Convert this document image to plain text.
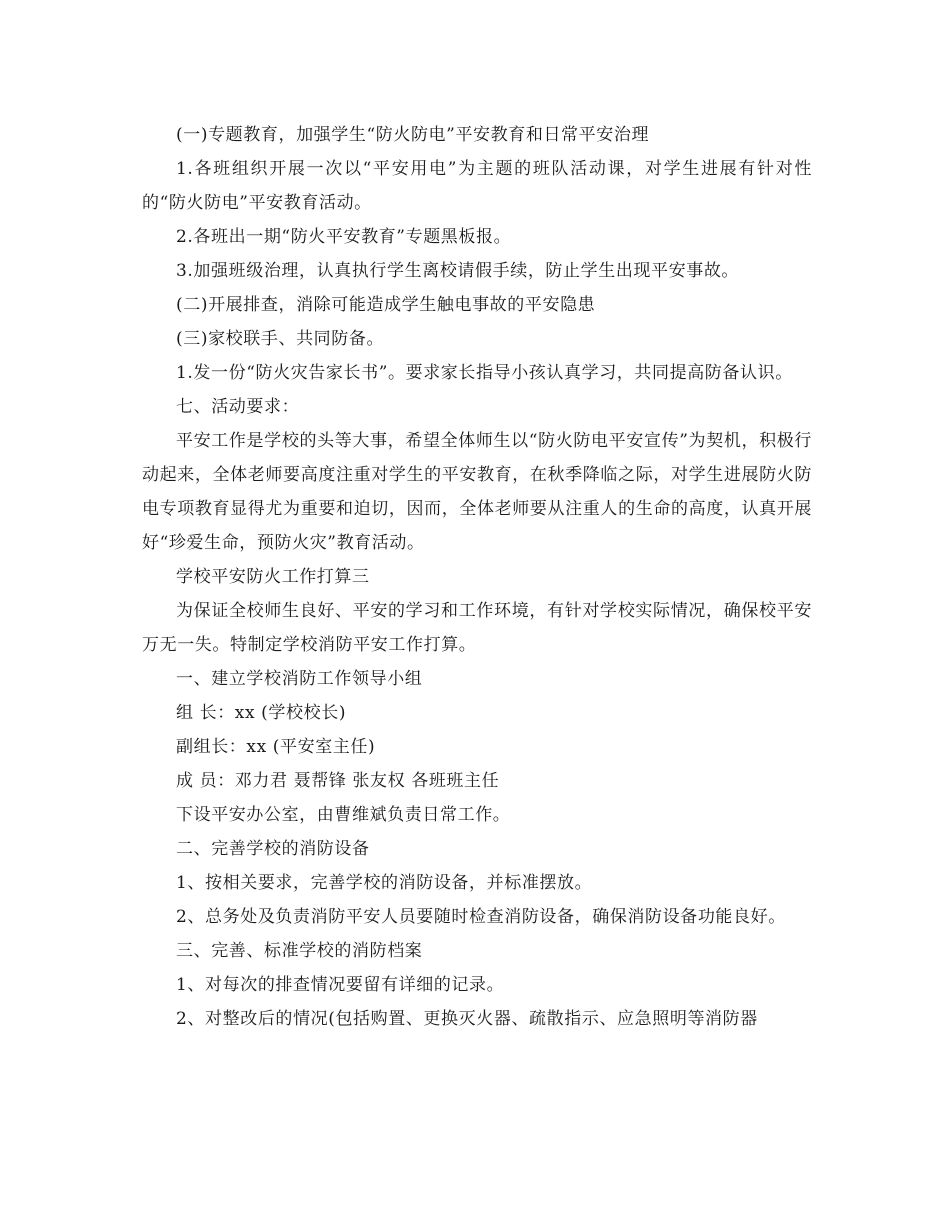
(一)专题教育，加强学生“防火防电”平安教育和日常平安治理

1.各班组织开展一次以“平安用电”为主题的班队活动课，对学生进展有针对性的“防火防电”平安教育活动。

2.各班出一期“防火平安教育”专题黑板报。

3.加强班级治理，认真执行学生离校请假手续，防止学生出现平安事故。

(二)开展排查，消除可能造成学生触电事故的平安隐患

(三)家校联手、共同防备。

1.发一份“防火灾告家长书”。要求家长指导小孩认真学习，共同提高防备认识。

七、活动要求：

平安工作是学校的头等大事，希望全体师生以“防火防电平安宣传”为契机，积极行动起来，全体老师要高度注重对学生的平安教育，在秋季降临之际，对学生进展防火防电专项教育显得尤为重要和迫切，因而，全体老师要从注重人的生命的高度，认真开展好“珍爱生命，预防火灾”教育活动。

学校平安防火工作打算三

为保证全校师生良好、平安的学习和工作环境，有针对学校实际情况，确保校平安万无一失。特制定学校消防平安工作打算。

一、建立学校消防工作领导小组

组 长：xx (学校校长)

副组长：xx (平安室主任)

成 员：邓力君 聂帮锋 张友权 各班班主任

下设平安办公室，由曹维斌负责日常工作。

二、完善学校的消防设备

1、按相关要求，完善学校的消防设备，并标准摆放。

2、总务处及负责消防平安人员要随时检查消防设备，确保消防设备功能良好。

三、完善、标准学校的消防档案

1、对每次的排查情况要留有详细的记录。

2、对整改后的情况(包括购置、更换灭火器、疏散指示、应急照明等消防器
